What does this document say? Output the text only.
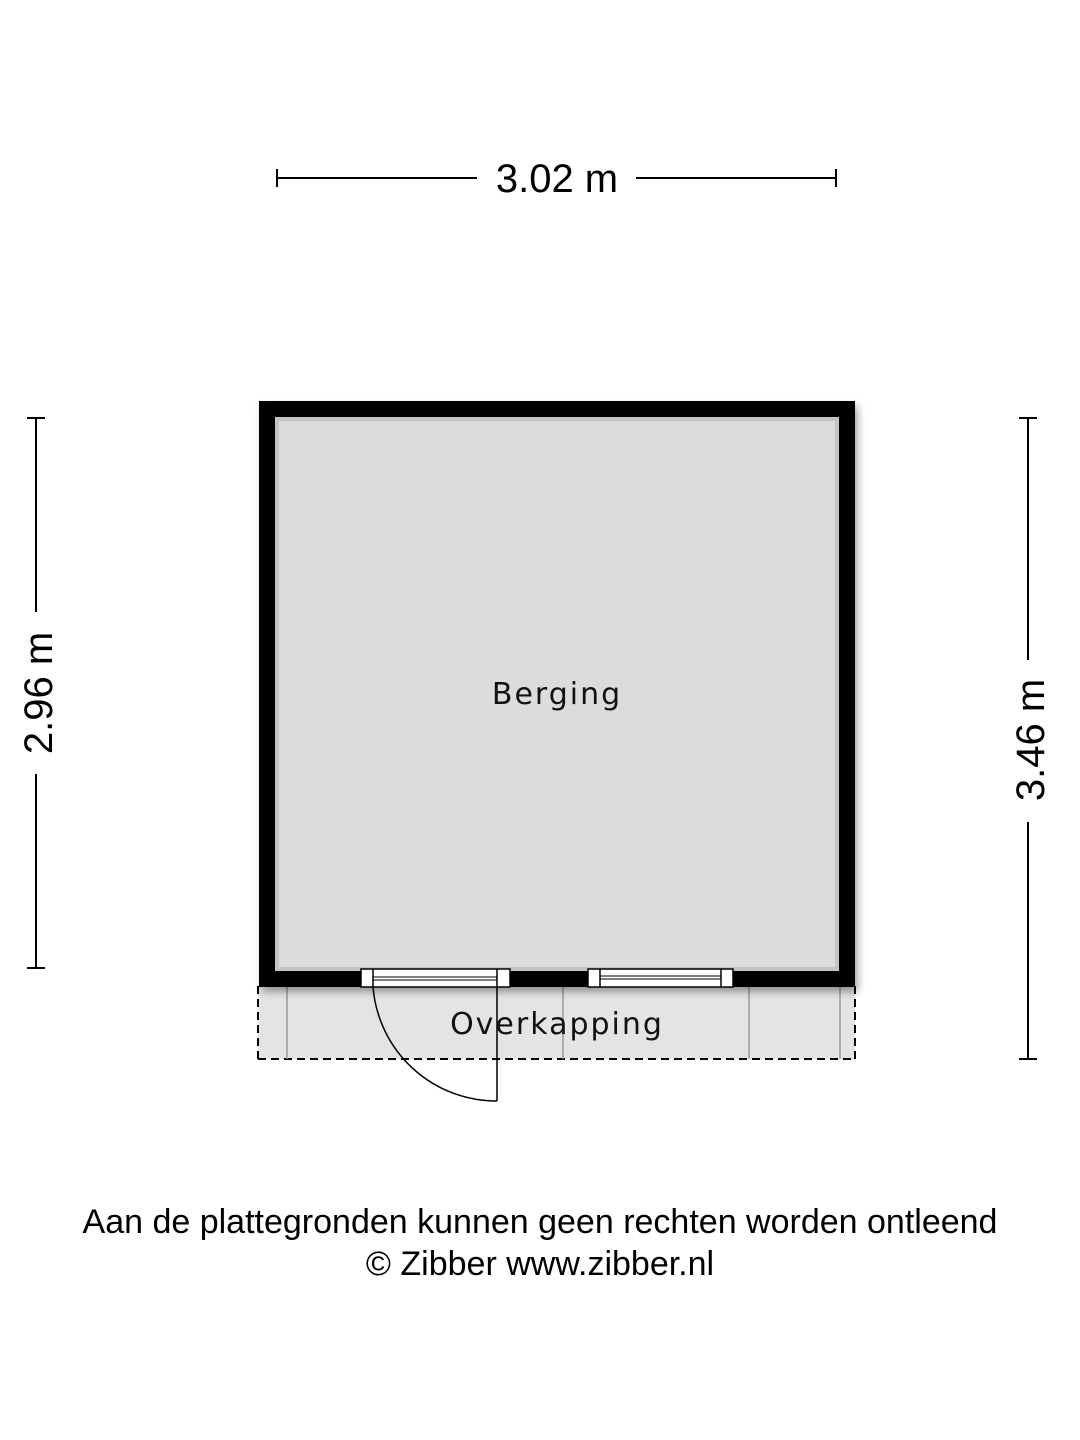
3.02 m
2.96 m	3.46 m
Berging
Overkapping
Aan de plattegronden kunnen geen rechten worden ontleend
© Zibber www.zibber.nl
